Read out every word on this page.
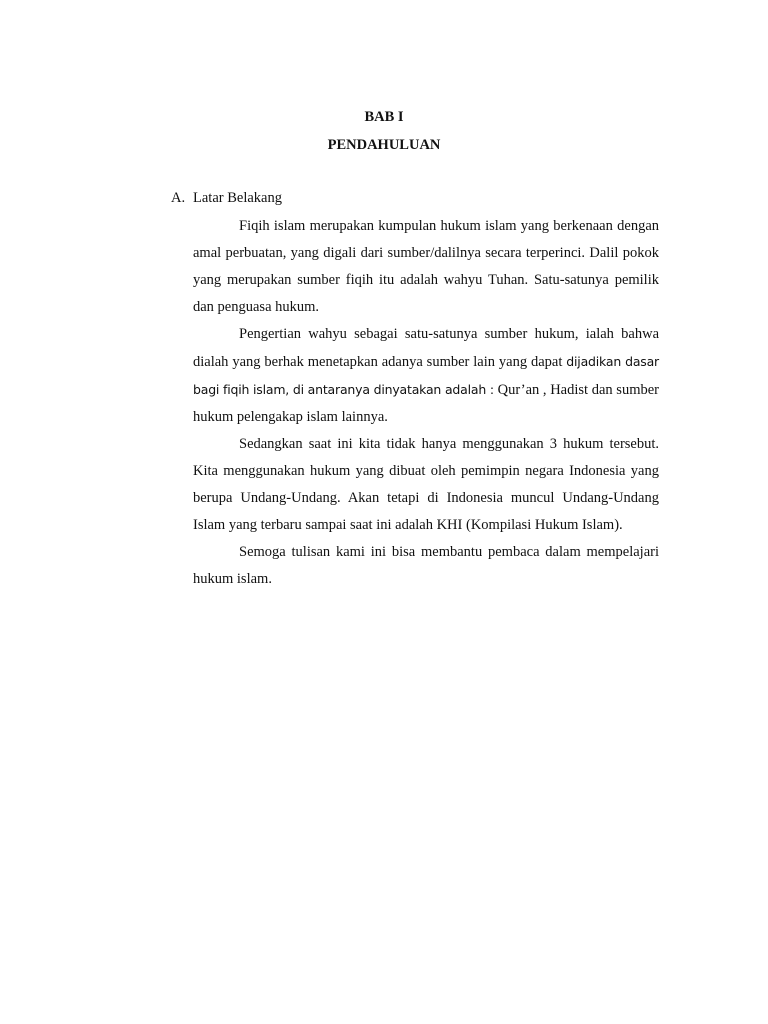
BAB I
PENDAHULUAN
A. Latar Belakang

Fiqih islam merupakan kumpulan hukum islam yang berkenaan dengan amal perbuatan, yang digali dari sumber/dalilnya secara terperinci. Dalil pokok yang merupakan sumber fiqih itu adalah wahyu Tuhan. Satu-satunya pemilik dan penguasa hukum.

Pengertian wahyu sebagai satu-satunya sumber hukum, ialah bahwa dialah yang berhak menetapkan adanya sumber lain yang dapat dijadikan dasar bagi fiqih islam, di antaranya dinyatakan adalah : Qur’an , Hadist dan sumber hukum pelengakap islam lainnya.

Sedangkan saat ini kita tidak hanya menggunakan 3 hukum tersebut. Kita menggunakan hukum yang dibuat oleh pemimpin negara Indonesia yang berupa Undang-Undang. Akan tetapi di Indonesia muncul Undang-Undang Islam yang terbaru sampai saat ini adalah KHI (Kompilasi Hukum Islam).

Semoga tulisan kami ini bisa membantu pembaca dalam mempelajari hukum islam.
